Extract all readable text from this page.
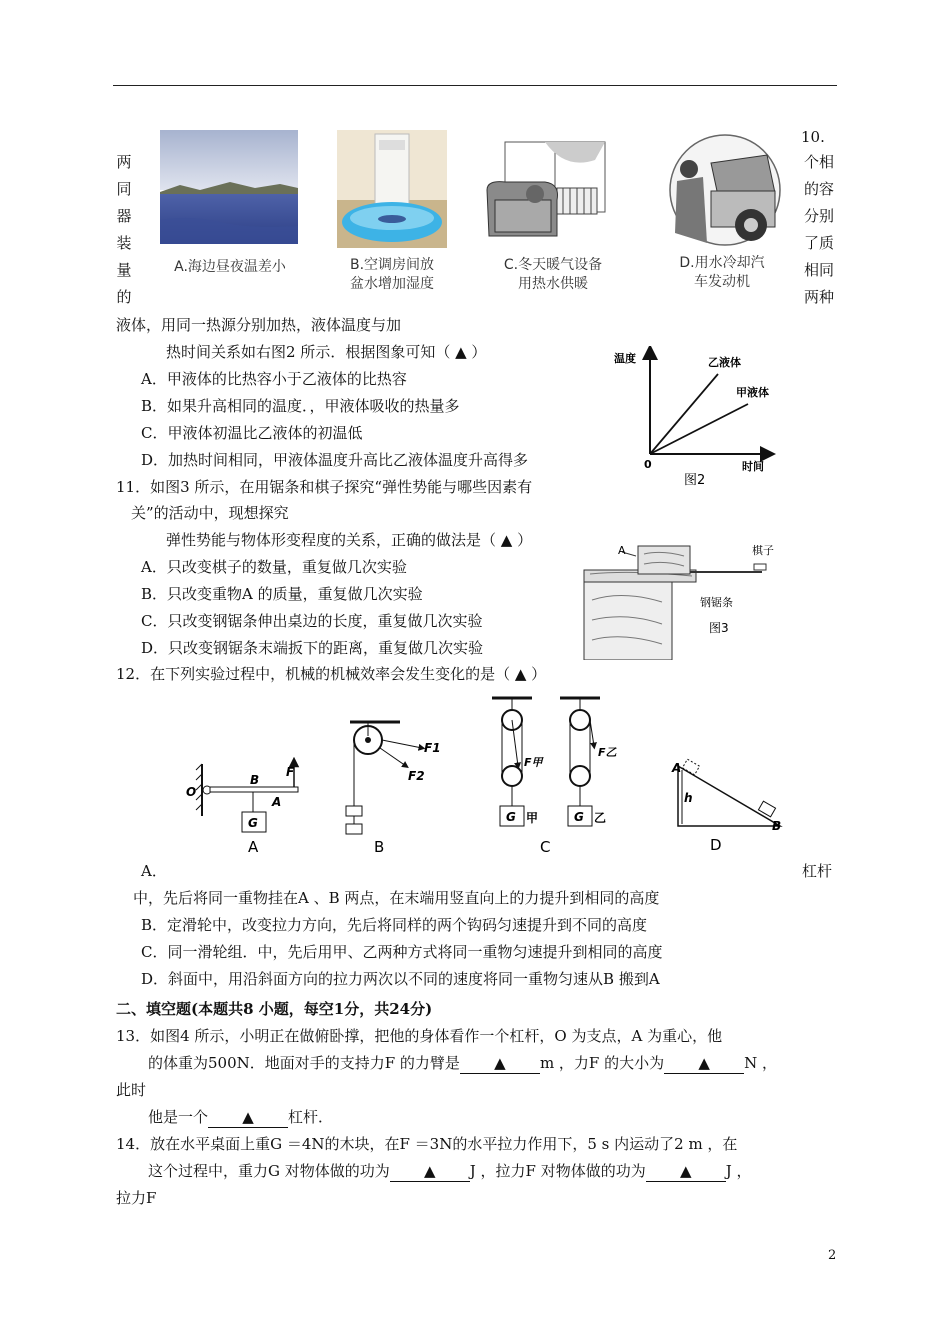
10.
两
同
器
装
量
的
个相
的容
分别
了质
相同
两种
A.海边昼夜温差小	B.空调房间放
盆水增加湿度
C.冬天暖气设备
用热水供暖
D.用水冷却汽
车发动机
液体，用同一热源分别加热，液体温度与加
热时间关系如右图2 所示．根据图象可知（ ▲ ）
A．甲液体的比热容小于乙液体的比热容
B．如果升高相同的温度．，甲液体吸收的热量多
C．甲液体初温比乙液体的初温低
D．加热时间相同，甲液体温度升高比乙液体温度升高得多
温度
时间
0
乙液体
甲液体
图2
11．如图3 所示，在用锯条和棋子探究“弹性势能与哪些因素有
关”的活动中，现想探究
弹性势能与物体形变程度的关系，正确的做法是（ ▲ ）
A．只改变棋子的数量，重复做几次实验
B．只改变重物A 的质量，重复做几次实验
C．只改变钢锯条伸出桌边的长度，重复做几次实验
D．只改变钢锯条末端扳下的距离，重复做几次实验
A	棋子
钢锯条
图3
12．在下列实验过程中，机械的机械效率会发生变化的是（ ▲ ）
O
B
A
F
G
A
F1
F2
B
G
F甲
甲	G
F乙
乙
C
A
h
B
D
A．	杠杆
中，先后将同一重物挂在A 、B 两点，在末端用竖直向上的力提升到相同的高度
B．定滑轮中，改变拉力方向，先后将同样的两个钩码匀速提升到不同的高度
C．同一滑轮组．中，先后用甲、乙两种方式将同一重物匀速提升到相同的高度
D．斜面中，用沿斜面方向的拉力两次以不同的速度将同一重物匀速从B 搬到A
二、填空题(本题共8 小题，每空1分，共24分)
13．如图4 所示，小明正在做俯卧撑，把他的身体看作一个杠杆，O 为支点，A 为重心，他
的体重为500N．地面对手的支持力F 的力臂是 ▲ m ，力F 的大小为 ▲ N ，
此时
他是一个 ▲ 杠杆．
14．放在水平桌面上重G ＝4N的木块，在F ＝3N的水平拉力作用下，5 s 内运动了2 m ，在
这个过程中，重力G 对物体做的功为 ▲ J ，拉力F 对物体做的功为 ▲ J ，
拉力F
2
